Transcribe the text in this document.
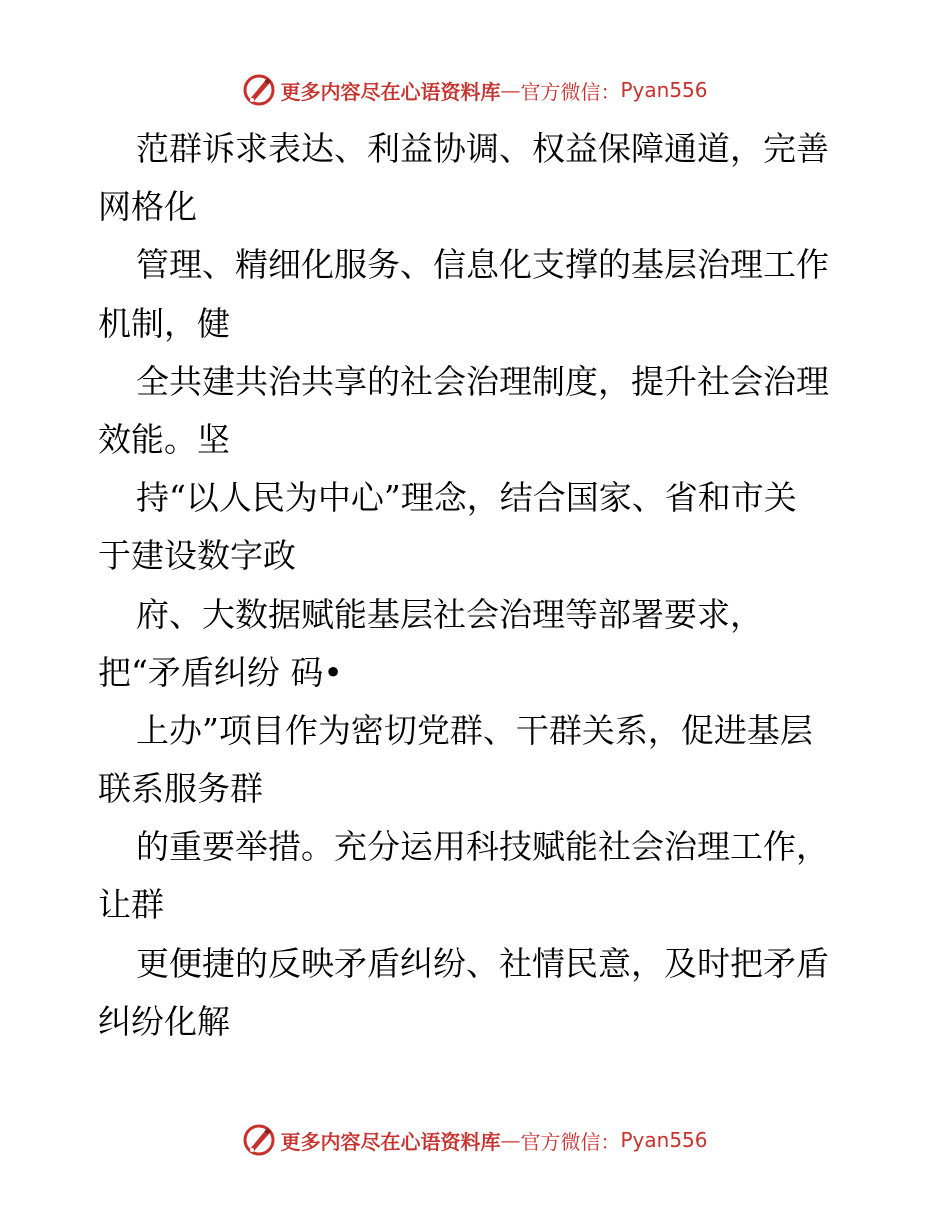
更多内容尽在心语资料库 — 官方微信： Pyan556
范群诉求表达、利益协调、权益保障通道，完善
网格化
管理、精细化服务、信息化支撑的基层治理工作
机制，健
全共建共治共享的社会治理制度，提升社会治理
效能。坚
持“以人民为中心”理念，结合国家、省和市关
于建设数字政
府、大数据赋能基层社会治理等部署要求，
把“矛盾纠纷 码•
上办”项目作为密切党群、干群关系，促进基层
联系服务群
的重要举措。充分运用科技赋能社会治理工作，
让群
更便捷的反映矛盾纠纷、社情民意，及时把矛盾
纠纷化解
更多内容尽在心语资料库 — 官方微信： Pyan556
